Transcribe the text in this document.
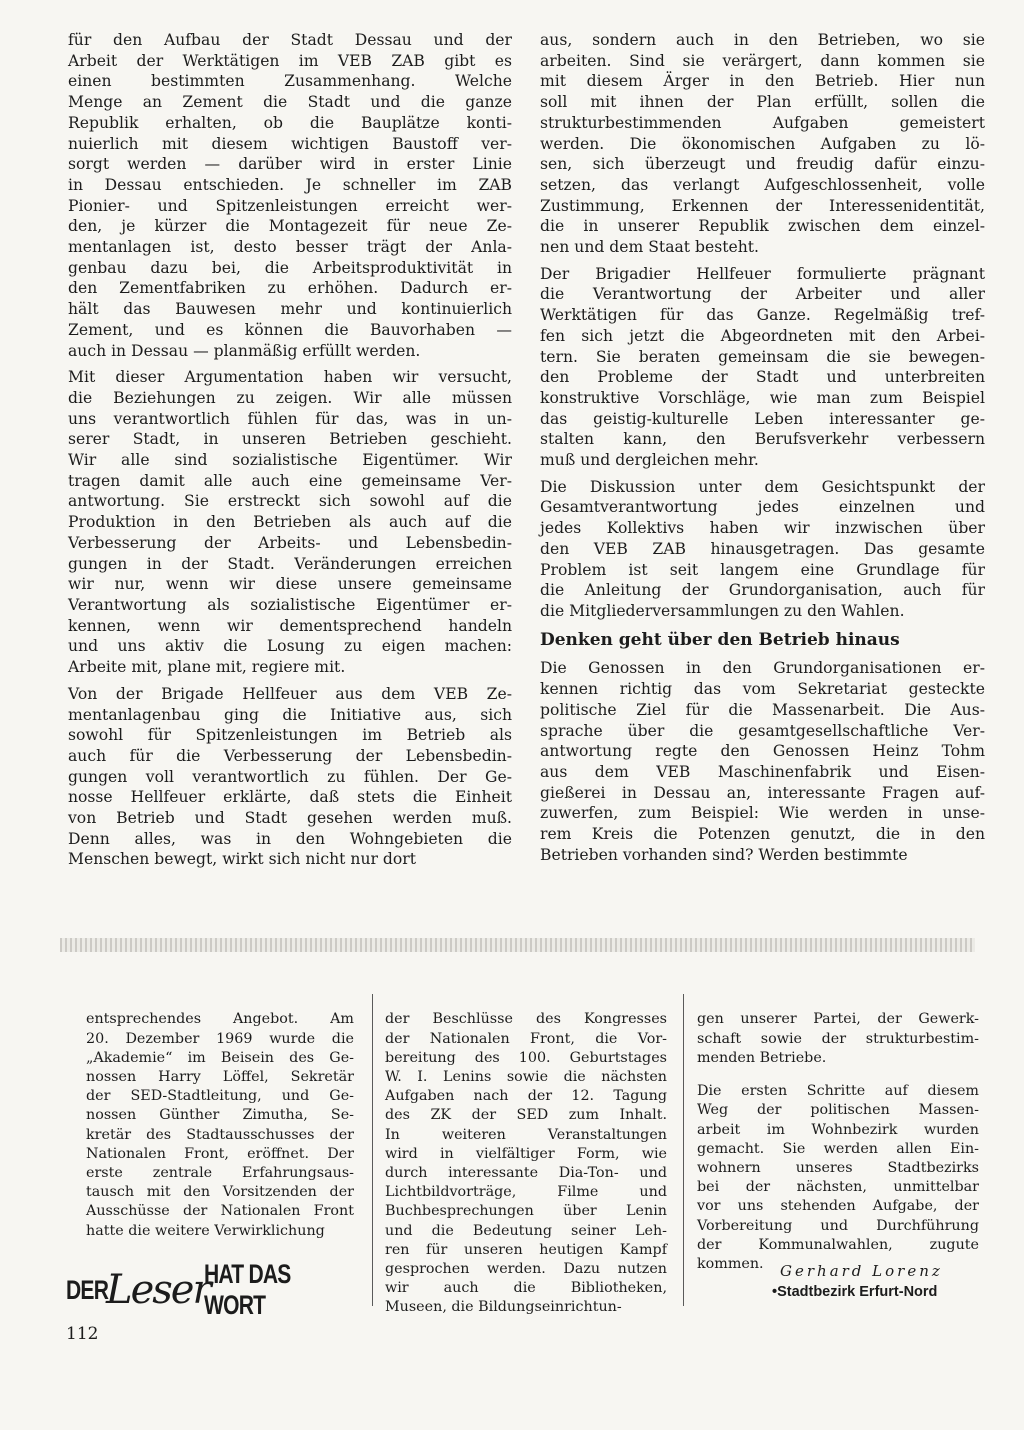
für den Aufbau der Stadt Dessau und der
Arbeit der Werktätigen im VEB ZAB gibt es
einen bestimmten Zusammenhang. Welche
Menge an Zement die Stadt und die ganze
Republik erhalten, ob die Bauplätze konti-
nuierlich mit diesem wichtigen Baustoff ver-
sorgt werden — darüber wird in erster Linie
in Dessau entschieden. Je schneller im ZAB
Pionier- und Spitzenleistungen erreicht wer-
den, je kürzer die Montagezeit für neue Ze-
mentanlagen ist, desto besser trägt der Anla-
genbau dazu bei, die Arbeitsproduktivität in
den Zementfabriken zu erhöhen. Dadurch er-
hält das Bauwesen mehr und kontinuierlich
Zement, und es können die Bauvorhaben —
auch in Dessau — planmäßig erfüllt werden.

Mit dieser Argumentation haben wir versucht,
die Beziehungen zu zeigen. Wir alle müssen
uns verantwortlich fühlen für das, was in un-
serer Stadt, in unseren Betrieben geschieht.
Wir alle sind sozialistische Eigentümer. Wir
tragen damit alle auch eine gemeinsame Ver-
antwortung. Sie erstreckt sich sowohl auf die
Produktion in den Betrieben als auch auf die
Verbesserung der Arbeits- und Lebensbedin-
gungen in der Stadt. Veränderungen erreichen
wir nur, wenn wir diese unsere gemeinsame
Verantwortung als sozialistische Eigentümer er-
kennen, wenn wir dementsprechend handeln
und uns aktiv die Losung zu eigen machen:
Arbeite mit, plane mit, regiere mit.

Von der Brigade Hellfeuer aus dem VEB Ze-
mentanlagenbau ging die Initiative aus, sich
sowohl für Spitzenleistungen im Betrieb als
auch für die Verbesserung der Lebensbedin-
gungen voll verantwortlich zu fühlen. Der Ge-
nosse Hellfeuer erklärte, daß stets die Einheit
von Betrieb und Stadt gesehen werden muß.
Denn alles, was in den Wohngebieten die
Menschen bewegt, wirkt sich nicht nur dort

aus, sondern auch in den Betrieben, wo sie
arbeiten. Sind sie verärgert, dann kommen sie
mit diesem Ärger in den Betrieb. Hier nun
soll mit ihnen der Plan erfüllt, sollen die
strukturbestimmenden Aufgaben gemeistert
werden. Die ökonomischen Aufgaben zu lö-
sen, sich überzeugt und freudig dafür einzu-
setzen, das verlangt Aufgeschlossenheit, volle
Zustimmung, Erkennen der Interessenidentität,
die in unserer Republik zwischen dem einzel-
nen und dem Staat besteht.

Der Brigadier Hellfeuer formulierte prägnant
die Verantwortung der Arbeiter und aller
Werktätigen für das Ganze. Regelmäßig tref-
fen sich jetzt die Abgeordneten mit den Arbei-
tern. Sie beraten gemeinsam die sie bewegen-
den Probleme der Stadt und unterbreiten
konstruktive Vorschläge, wie man zum Beispiel
das geistig-kulturelle Leben interessanter ge-
stalten kann, den Berufsverkehr verbessern
muß und dergleichen mehr.

Die Diskussion unter dem Gesichtspunkt der
Gesamtverantwortung jedes einzelnen und
jedes Kollektivs haben wir inzwischen über
den VEB ZAB hinausgetragen. Das gesamte
Problem ist seit langem eine Grundlage für
die Anleitung der Grundorganisation, auch für
die Mitgliederversammlungen zu den Wahlen.

Denken geht über den Betrieb hinaus

Die Genossen in den Grundorganisationen er-
kennen richtig das vom Sekretariat gesteckte
politische Ziel für die Massenarbeit. Die Aus-
sprache über die gesamtgesellschaftliche Ver-
antwortung regte den Genossen Heinz Tohm
aus dem VEB Maschinenfabrik und Eisen-
gießerei in Dessau an, interessante Fragen auf-
zuwerfen, zum Beispiel: Wie werden in unse-
rem Kreis die Potenzen genutzt, die in den
Betrieben vorhanden sind? Werden bestimmte

entsprechendes Angebot. Am
20. Dezember 1969 wurde die
„Akademie“ im Beisein des Ge-
nossen Harry Löffel, Sekretär
der SED-Stadtleitung, und Ge-
nossen Günther Zimutha, Se-
kretär des Stadtausschusses der
Nationalen Front, eröffnet. Der
erste zentrale Erfahrungsaus-
tausch mit den Vorsitzenden der
Ausschüsse der Nationalen Front
hatte die weitere Verwirklichung

der Beschlüsse des Kongresses
der Nationalen Front, die Vor-
bereitung des 100. Geburtstages
W. I. Lenins sowie die nächsten
Aufgaben nach der 12. Tagung
des ZK der SED zum Inhalt.
In weiteren Veranstaltungen
wird in vielfältiger Form, wie
durch interessante Dia-Ton- und
Lichtbildvorträge, Filme und
Buchbesprechungen über Lenin
und die Bedeutung seiner Leh-
ren für unseren heutigen Kampf
gesprochen werden. Dazu nutzen
wir auch die Bibliotheken,
Museen, die Bildungseinrichtun-

gen unserer Partei, der Gewerk-
schaft sowie der strukturbestim-
menden Betriebe.

Die ersten Schritte auf diesem
Weg der politischen Massen-
arbeit im Wohnbezirk wurden
gemacht. Sie werden allen Ein-
wohnern unseres Stadtbezirks
bei der nächsten, unmittelbar
vor uns stehenden Aufgabe, der
Vorbereitung und Durchführung
der Kommunalwahlen, zugute
kommen.

DER
Leser
HAT DAS WORT
112
Gerhard Lorenz
•Stadtbezirk Erfurt-Nord
